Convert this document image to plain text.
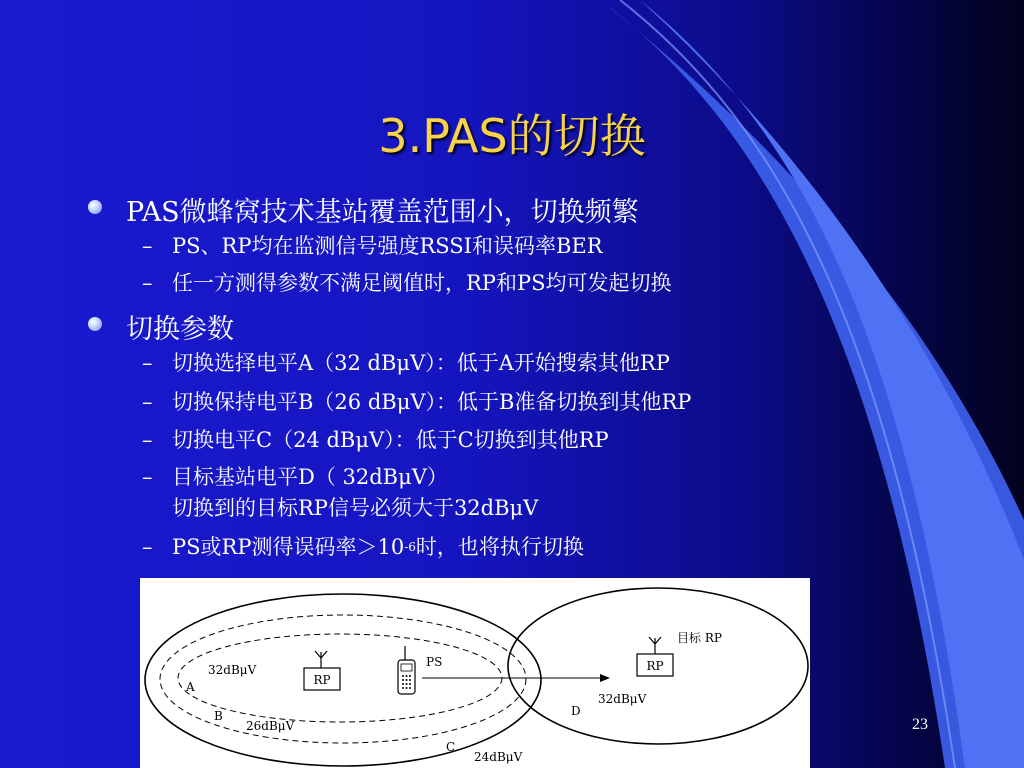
3.PAS的切换
PAS微蜂窝技术基站覆盖范围小，切换频繁
– PS、RP均在监测信号强度RSSI和误码率BER
– 任一方测得参数不满足阈值时，RP和PS均可发起切换
切换参数
– 切换选择电平A（32 dBμV）：低于A开始搜索其他RP
– 切换保持电平B（26 dBμV）：低于B准备切换到其他RP
– 切换电平C（24 dBμV）：低于C切换到其他RP
– 目标基站电平D（ 32dBμV）
切换到的目标RP信号必须大于32dBμV
– PS或RP测得误码率$>10^{-6}$时，也将执行切换
RP
PS	RP
目标 RP
32dBμV
A
B
26dBμV
C
24dBμV
32dBμV
D
23
